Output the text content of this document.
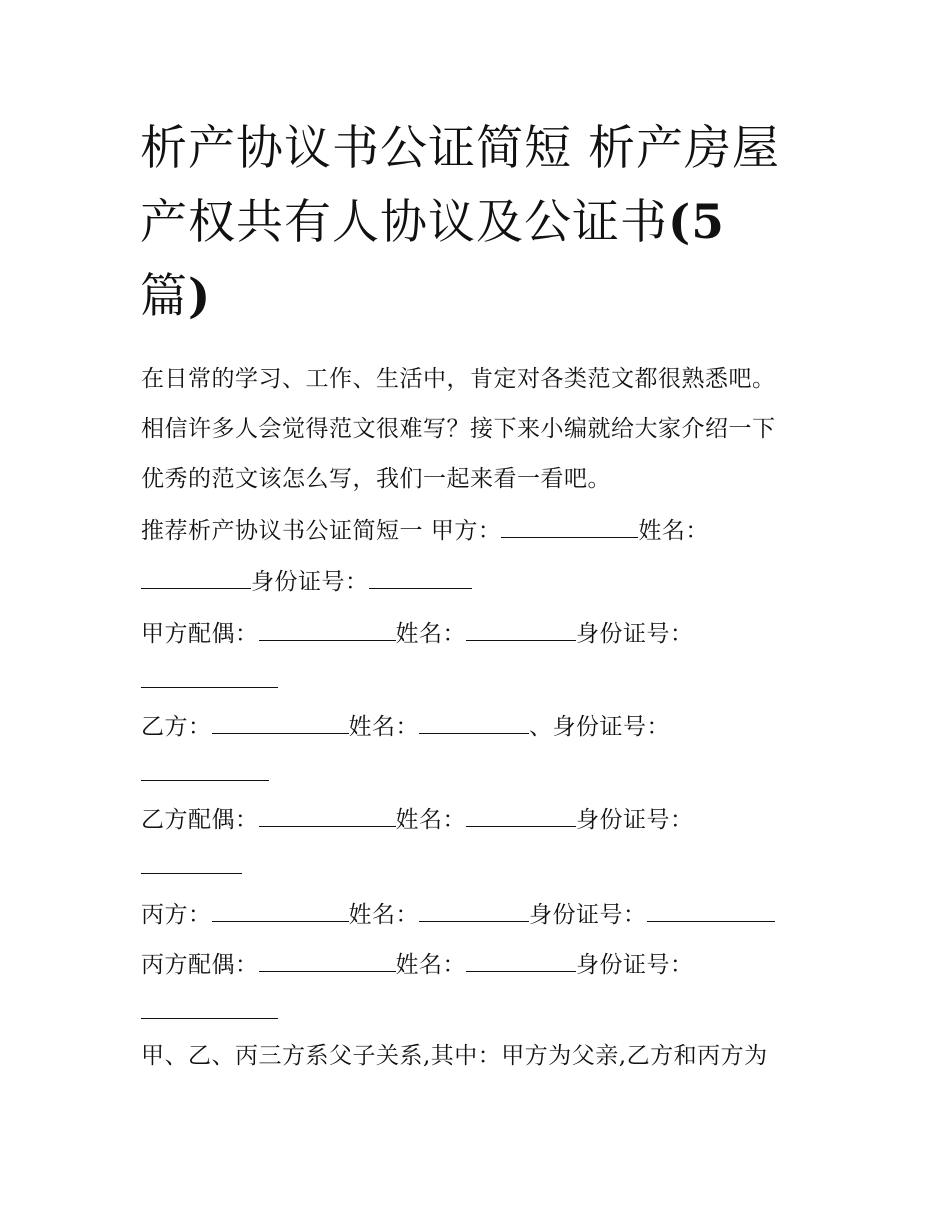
析产协议书公证简短 析产房屋
产权共有人协议及公证书(5
篇)
在日常的学习、工作、生活中，肯定对各类范文都很熟悉吧。
相信许多人会觉得范文很难写？接下来小编就给大家介绍一下
优秀的范文该怎么写，我们一起来看一看吧。
推荐析产协议书公证简短一 甲方：	姓名：
身份证号：
甲方配偶：	姓名：	身份证号：
乙方：	姓名：	、身份证号：
乙方配偶：	姓名：	身份证号：
丙方：	姓名：	身份证号：
丙方配偶：	姓名：	身份证号：
甲、乙、丙三方系父子关系,其中：甲方为父亲,乙方和丙方为
